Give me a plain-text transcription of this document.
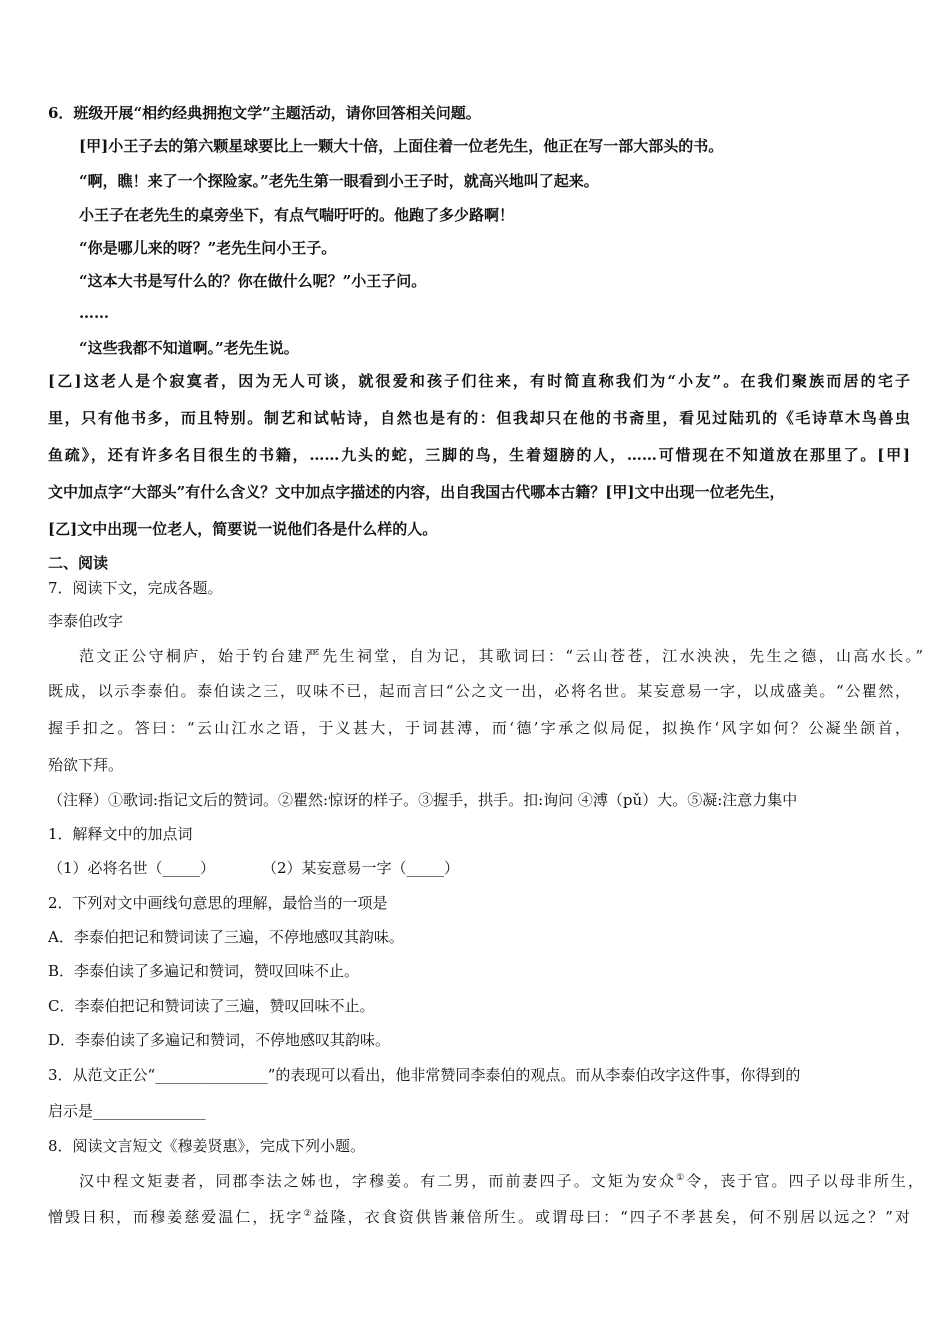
6．班级开展“相约经典拥抱文学”主题活动，请你回答相关问题。
[甲]小王子去的第六颗星球要比上一颗大十倍，上面住着一位老先生，他正在写一部大部头的书。
“啊，瞧！来了一个探险家。”老先生第一眼看到小王子时，就高兴地叫了起来。
小王子在老先生的桌旁坐下，有点气喘吁吁的。他跑了多少路啊！
“你是哪儿来的呀？”老先生问小王子。
“这本大书是写什么的？你在做什么呢？”小王子问。
……
“这些我都不知道啊。”老先生说。
[乙]这老人是个寂寞者，因为无人可谈，就很爱和孩子们往来，有时简直称我们为“小友”。在我们聚族而居的宅子
里，只有他书多，而且特别。制艺和试帖诗，自然也是有的：但我却只在他的书斋里，看见过陆玑的《毛诗草木鸟兽虫
鱼疏》，还有许多名目很生的书籍，……九头的蛇，三脚的鸟，生着翅膀的人，……可惜现在不知道放在那里了。[甲]
文中加点字“大部头”有什么含义？文中加点字描述的内容，出自我国古代哪本古籍？[甲]文中出现一位老先生，
[乙]文中出现一位老人，简要说一说他们各是什么样的人。
二、阅读
7．阅读下文，完成各题。
李泰伯改字
范文正公守桐庐，始于钓台建严先生祠堂，自为记，其歌词曰：“云山苍苍，江水泱泱，先生之德，山高水长。”
既成，以示李泰伯。泰伯读之三，叹味不已，起而言曰“公之文一出，必将名世。某妄意易一字，以成盛美。“公瞿然，
握手扣之。答曰：“云山江水之语，于义甚大，于词甚溥，而‘德’字承之似局促，拟换作‘风字如何？公凝坐颌首，
殆欲下拜。
（注释）①歌词:指记文后的赞词。②瞿然:惊讶的样子。③握手，拱手。扣:询问 ④溥（pǔ）大。⑤凝:注意力集中
1．解释文中的加点词
（1）必将名世（_____）	（2）某妄意易一字（_____）
2．下列对文中画线句意思的理解，最恰当的一项是
A．李泰伯把记和赞词读了三遍，不停地感叹其韵味。
B．李泰伯读了多遍记和赞词，赞叹回味不止。
C．李泰伯把记和赞词读了三遍，赞叹回味不止。
D．李泰伯读了多遍记和赞词，不停地感叹其韵味。
3．从范文正公“_______________”的表现可以看出，他非常赞同李泰伯的观点。而从李泰伯改字这件事，你得到的
启示是_______________
8．阅读文言短文《穆姜贤惠》，完成下列小题。
汉中程文矩妻者，同郡李法之姊也，字穆姜。有二男，而前妻四子。文矩为安众①令，丧于官。四子以母非所生，
憎毁日积，而穆姜慈爱温仁，抚字②益隆，衣食资供皆兼倍所生。或谓母曰：“四子不孝甚矣，何不别居以远之？”对
